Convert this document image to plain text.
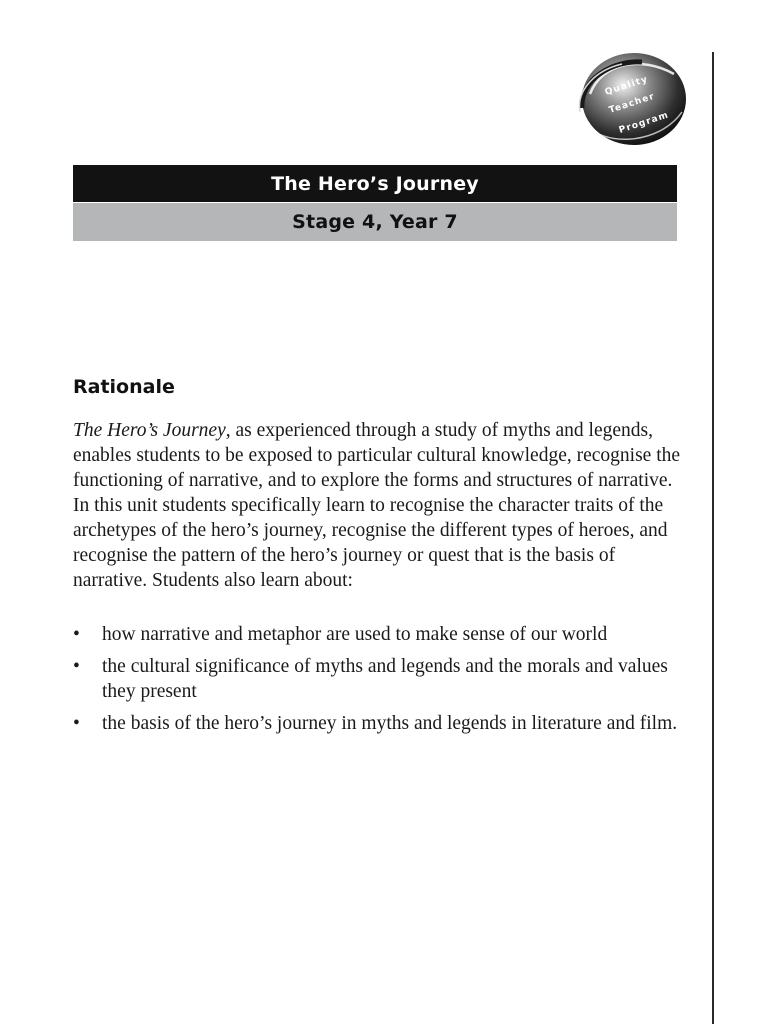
Quality
Teacher
Program
The Hero’s Journey
Stage 4, Year 7
Rationale

The Hero’s Journey, as experienced through a study of myths and legends, enables students to be exposed to particular cultural knowledge, recognise the functioning of narrative, and to explore the forms and structures of narrative. In this unit students specifically learn to recognise the character traits of the archetypes of the hero’s journey, recognise the different types of heroes, and recognise the pattern of the hero’s journey or quest that is the basis of narrative. Students also learn about:

• how narrative and metaphor are used to make sense of our world
• the cultural significance of myths and legends and the morals and values they present
• the basis of the hero’s journey in myths and legends in literature and film.
